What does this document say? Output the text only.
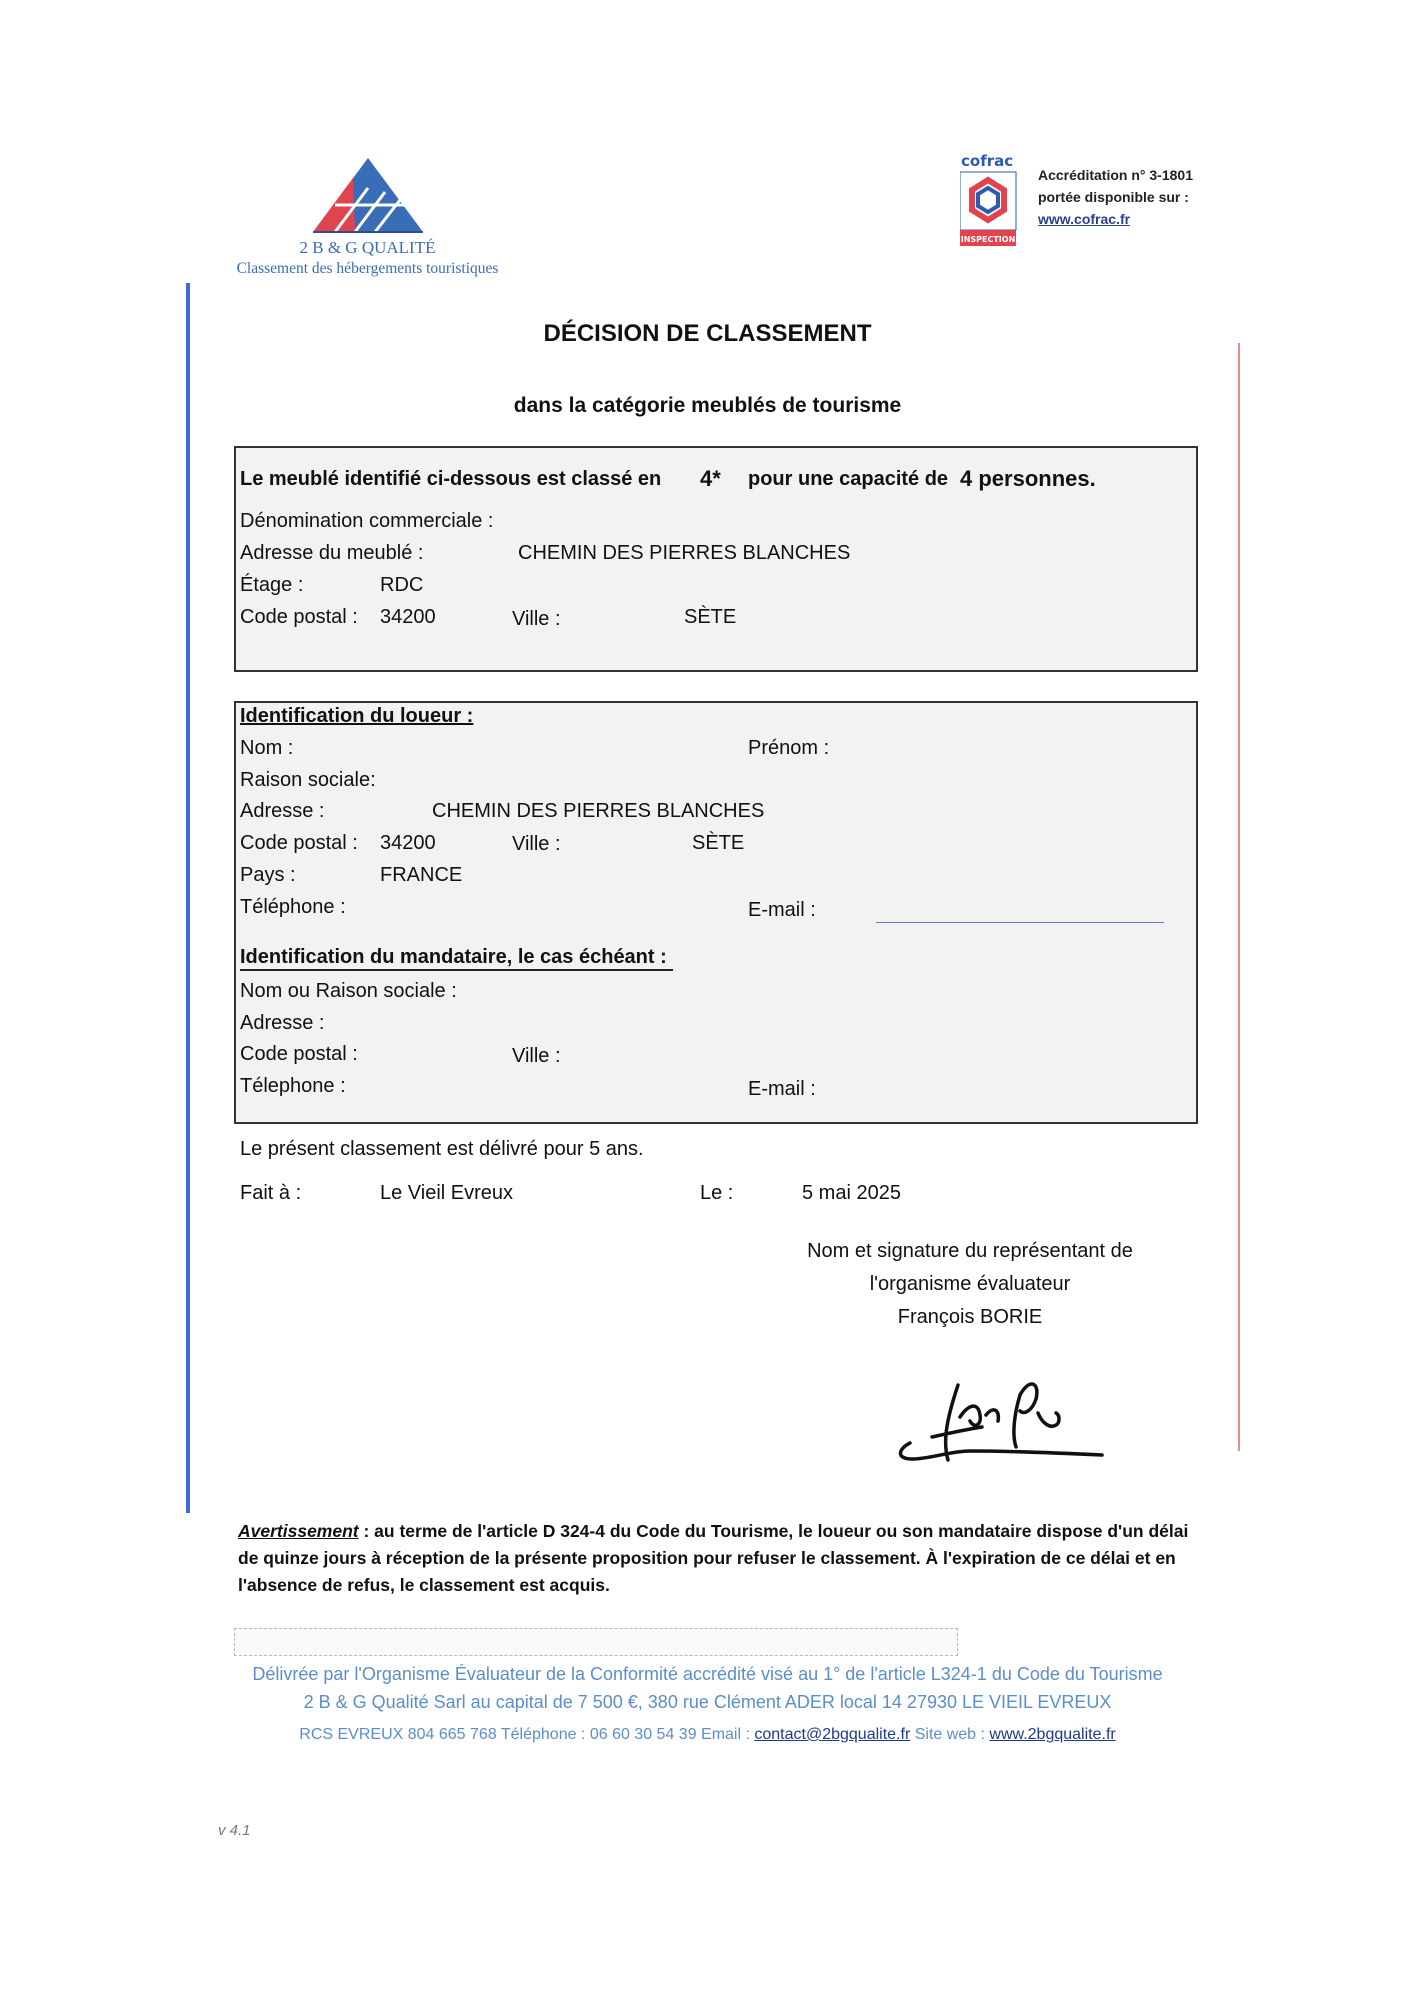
2 B & G QUALITÉ
Classement des hébergements touristiques
cofrac
INSPECTION
Accréditation n° 3-1801
portée disponible sur :
www.cofrac.fr
DÉCISION DE CLASSEMENT
dans la catégorie meublés de tourisme
Le meublé identifié ci-dessous est classé en 4* pour une capacité de 4 personnes.
Dénomination commerciale :
Adresse du meublé :	CHEMIN DES PIERRES BLANCHES
Étage :	RDC
Code postal : 34200	Ville :	SÈTE
Identification du loueur :
Nom :	Prénom :
Raison sociale:
Adresse :	CHEMIN DES PIERRES BLANCHES
Code postal : 34200	Ville :	SÈTE
Pays :	FRANCE
Téléphone :	E-mail :
Identification du mandataire, le cas échéant :
Nom ou Raison sociale :
Adresse :
Code postal :	Ville :
Télephone :	E-mail :
Le présent classement est délivré pour 5 ans.
Fait à :	Le Vieil Evreux	Le :	5 mai 2025
Nom et signature du représentant de
l'organisme évaluateur
François BORIE
Avertissement : au terme de l'article D 324-4 du Code du Tourisme, le loueur ou son mandataire dispose d'un délai de quinze jours à réception de la présente proposition pour refuser le classement. À l'expiration de ce délai et en l'absence de refus, le classement est acquis.
Délivrée par l'Organisme Évaluateur de la Conformité accrédité visé au 1° de l'article L324-1 du Code du Tourisme
2 B & G Qualité Sarl au capital de 7 500 €, 380 rue Clément ADER local 14 27930 LE VIEIL EVREUX
RCS EVREUX 804 665 768 Téléphone : 06 60 30 54 39 Email : contact@2bgqualite.fr Site web : www.2bgqualite.fr
v 4.1
